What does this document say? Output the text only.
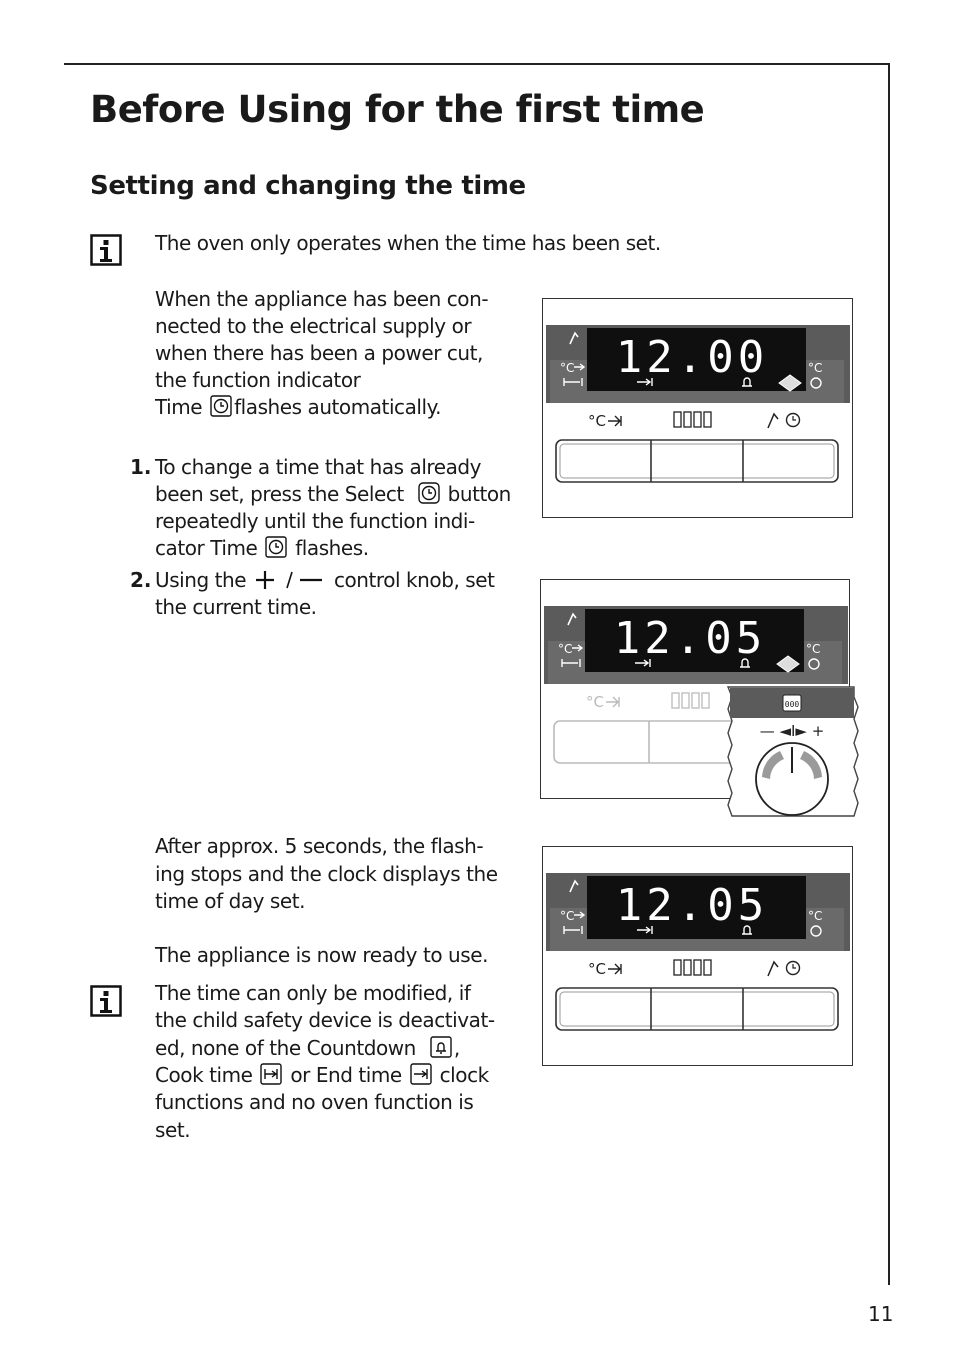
Before Using for the first time
Setting and changing the time

The oven only operates when the time has been set.

When the appliance has been con-

nected to the electrical supply or

when there has been a power cut,

the function indicator

Time flashes automatically.

1. To change a time that has already

been set, press the Select button

repeatedly until the function indi-

cator Time flashes.

2. Using the	control knob, set

the current time.

After approx. 5 seconds, the flash-

ing stops and the clock displays the

time of day set.

The appliance is now ready to use.

The time can only be modified, if

the child safety device is deactivat-

ed, none of the Countdown ,

Cook time or End time clock

functions and no oven function is

set.

12.00
°C	°C
°C
12.05
°C	°C
°C	000
— ◄I► +
12.05
°C	°C
°C
11
